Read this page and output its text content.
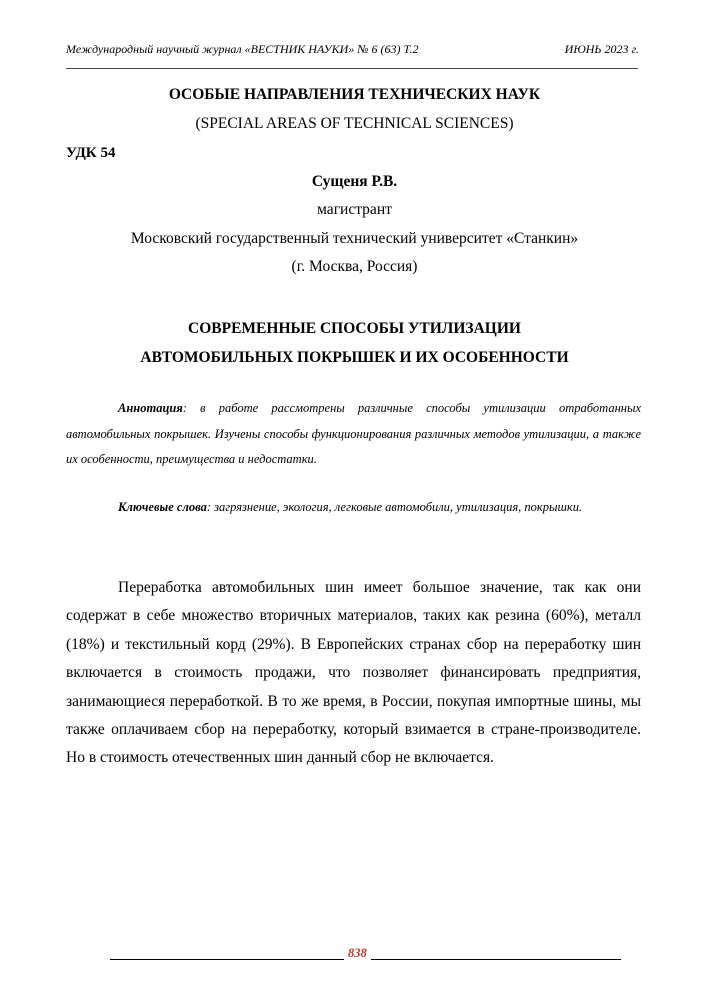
Международный научный журнал «ВЕСТНИК НАУКИ» № 6 (63) Т.2	ИЮНЬ 2023 г.
ОСОБЫЕ НАПРАВЛЕНИЯ ТЕХНИЧЕСКИХ НАУК
(SPECIAL AREAS OF TECHNICAL SCIENCES)
УДК 54
Сущеня Р.В.
магистрант
Московский государственный технический университет «Станкин»
(г. Москва, Россия)
СОВРЕМЕННЫЕ СПОСОБЫ УТИЛИЗАЦИИ
АВТОМОБИЛЬНЫХ ПОКРЫШЕК И ИХ ОСОБЕННОСТИ
Аннотация: в работе рассмотрены различные способы утилизации отработанных автомобильных покрышек. Изучены способы функционирования различных методов утилизации, а также их особенности, преимущества и недостатки.
Ключевые слова: загрязнение, экология, легковые автомобили, утилизация, покрышки.
Переработка автомобильных шин имеет большое значение, так как они содержат в себе множество вторичных материалов, таких как резина (60%), металл (18%) и текстильный корд (29%). В Европейских странах сбор на переработку шин включается в стоимость продажи, что позволяет финансировать предприятия, занимающиеся переработкой. В то же время, в России, покупая импортные шины, мы также оплачиваем сбор на переработку, который взимается в стране-производителе. Но в стоимость отечественных шин данный сбор не включается.
838
